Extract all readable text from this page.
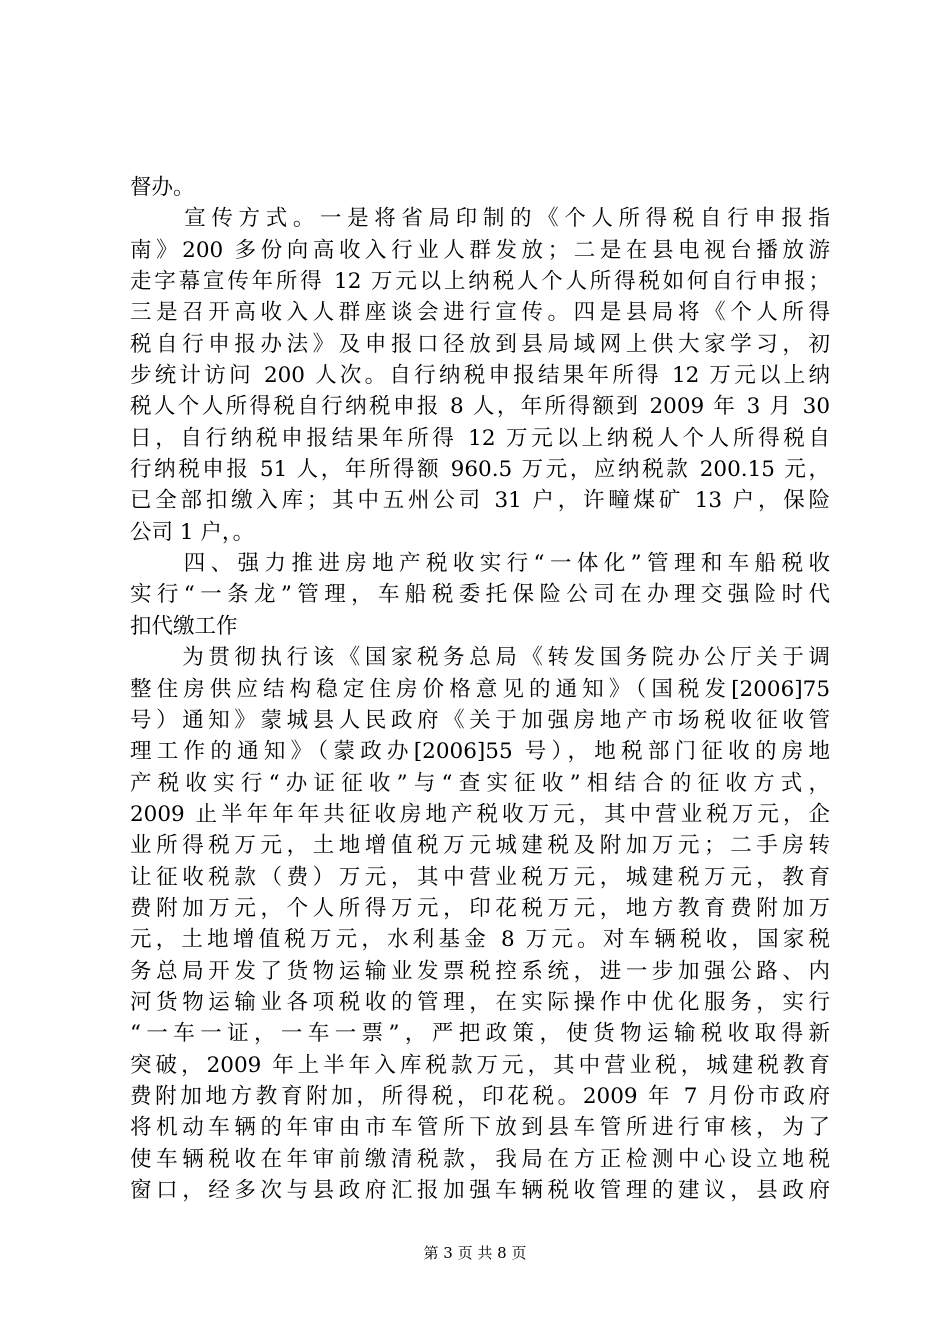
督办。
　　宣传方式。一是将省局印制的《个人所得税自行申报指
南》200 多份向高收入行业人群发放；二是在县电视台播放游
走字幕宣传年所得 12 万元以上纳税人个人所得税如何自行申报；
三是召开高收入人群座谈会进行宣传。四是县局将《个人所得
税自行申报办法》及申报口径放到县局域网上供大家学习，初
步统计访问 200 人次。自行纳税申报结果年所得 12 万元以上纳
税人个人所得税自行纳税申报 8 人，年所得额到 2009 年 3 月 30
日，自行纳税申报结果年所得 12 万元以上纳税人个人所得税自
行纳税申报 51 人，年所得额 960.5 万元，应纳税款 200.15 元，
已全部扣缴入库；其中五州公司 31 户，许疃煤矿 13 户，保险
公司 1 户，。
　　四、强力推进房地产税收实行“一体化”管理和车船税收
实行“一条龙”管理，车船税委托保险公司在办理交强险时代
扣代缴工作
　　为贯彻执行该《国家税务总局《转发国务院办公厅关于调
整住房供应结构稳定住房价格意见的通知》（国税发[2006]75
号）通知》蒙城县人民政府《关于加强房地产市场税收征收管
理工作的通知》（蒙政办[2006]55 号），地税部门征收的房地
产税收实行“办证征收”与“查实征收”相结合的征收方式，
2009 止半年年年共征收房地产税收万元，其中营业税万元，企
业所得税万元，土地增值税万元城建税及附加万元；二手房转
让征收税款（费）万元，其中营业税万元，城建税万元，教育
费附加万元，个人所得万元，印花税万元，地方教育费附加万
元，土地增值税万元，水利基金 8 万元。对车辆税收，国家税
务总局开发了货物运输业发票税控系统，进一步加强公路、内
河货物运输业各项税收的管理，在实际操作中优化服务，实行
“一车一证，一车一票”，严把政策，使货物运输税收取得新
突破，2009 年上半年入库税款万元，其中营业税，城建税教育
费附加地方教育附加，所得税，印花税。2009 年 7 月份市政府
将机动车辆的年审由市车管所下放到县车管所进行审核，为了
使车辆税收在年审前缴清税款，我局在方正检测中心设立地税
窗口，经多次与县政府汇报加强车辆税收管理的建议，县政府
第 3 页 共 8 页
